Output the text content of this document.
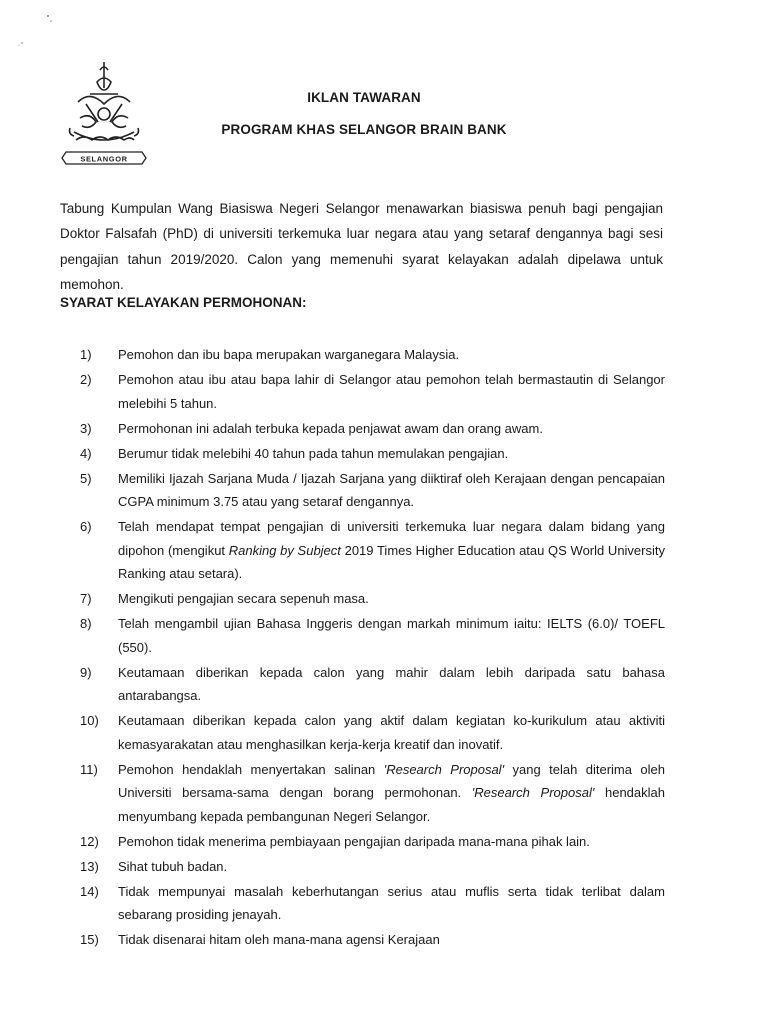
SELANGOR
IKLAN TAWARAN
PROGRAM KHAS SELANGOR BRAIN BANK

Tabung Kumpulan Wang Biasiswa Negeri Selangor menawarkan biasiswa penuh bagi pengajian Doktor Falsafah (PhD) di universiti terkemuka luar negara atau yang setaraf dengannya bagi sesi pengajian tahun 2019/2020. Calon yang memenuhi syarat kelayakan adalah dipelawa untuk memohon.

SYARAT KELAYAKAN PERMOHONAN:
1)	Pemohon dan ibu bapa merupakan warganegara Malaysia.
2)	Pemohon atau ibu atau bapa lahir di Selangor atau pemohon telah bermastautin di Selangor melebihi 5 tahun.
3)	Permohonan ini adalah terbuka kepada penjawat awam dan orang awam.
4)	Berumur tidak melebihi 40 tahun pada tahun memulakan pengajian.
5)	Memiliki Ijazah Sarjana Muda / Ijazah Sarjana yang diiktiraf oleh Kerajaan dengan pencapaian CGPA minimum 3.75 atau yang setaraf dengannya.
6)	Telah mendapat tempat pengajian di universiti terkemuka luar negara dalam bidang yang dipohon (mengikut Ranking by Subject 2019 Times Higher Education atau QS World University Ranking atau setara).
7)	Mengikuti pengajian secara sepenuh masa.
8)	Telah mengambil ujian Bahasa Inggeris dengan markah minimum iaitu: IELTS (6.0)/ TOEFL (550).
9)	Keutamaan diberikan kepada calon yang mahir dalam lebih daripada satu bahasa antarabangsa.
10)	Keutamaan diberikan kepada calon yang aktif dalam kegiatan ko-kurikulum atau aktiviti kemasyarakatan atau menghasilkan kerja-kerja kreatif dan inovatif.
11)	Pemohon hendaklah menyertakan salinan 'Research Proposal' yang telah diterima oleh Universiti bersama-sama dengan borang permohonan. 'Research Proposal' hendaklah menyumbang kepada pembangunan Negeri Selangor.
12)	Pemohon tidak menerima pembiayaan pengajian daripada mana-mana pihak lain.
13)	Sihat tubuh badan.
14)	Tidak mempunyai masalah keberhutangan serius atau muflis serta tidak terlibat dalam sebarang prosiding jenayah.
15)	Tidak disenarai hitam oleh mana-mana agensi Kerajaan
